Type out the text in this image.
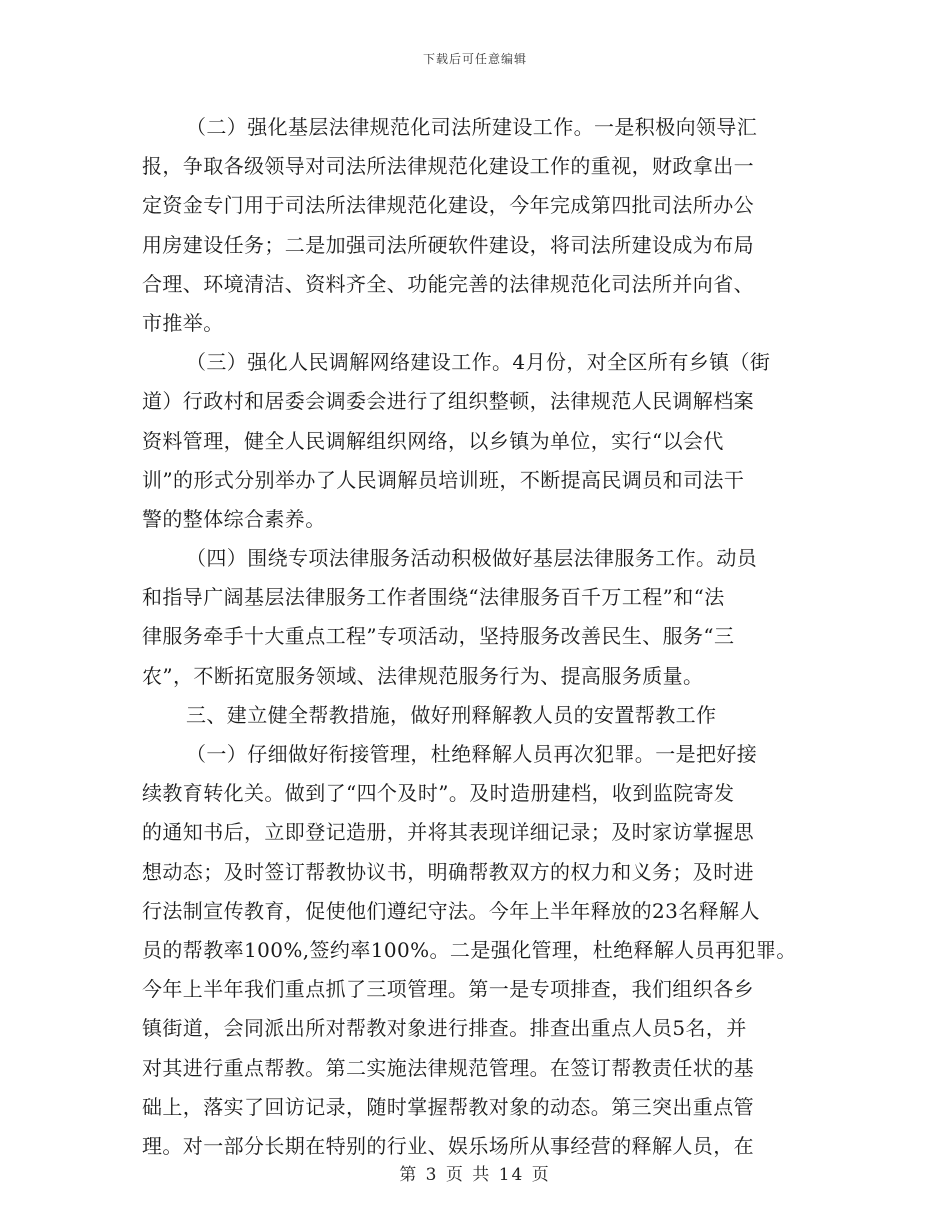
下载后可任意编辑
（二）强化基层法律规范化司法所建设工作。一是积极向领导汇
报，争取各级领导对司法所法律规范化建设工作的重视，财政拿出一
定资金专门用于司法所法律规范化建设，今年完成第四批司法所办公
用房建设任务；二是加强司法所硬软件建设，将司法所建设成为布局
合理、环境清洁、资料齐全、功能完善的法律规范化司法所并向省、
市推举。
（三）强化人民调解网络建设工作。4月份，对全区所有乡镇（街
道）行政村和居委会调委会进行了组织整顿，法律规范人民调解档案
资料管理，健全人民调解组织网络，以乡镇为单位，实行“以会代
训”的形式分别举办了人民调解员培训班，不断提高民调员和司法干
警的整体综合素养。
（四）围绕专项法律服务活动积极做好基层法律服务工作。动员
和指导广阔基层法律服务工作者围绕“法律服务百千万工程”和“法
律服务牵手十大重点工程”专项活动，坚持服务改善民生、服务“三
农”，不断拓宽服务领域、法律规范服务行为、提高服务质量。
三、建立健全帮教措施，做好刑释解教人员的安置帮教工作
（一）仔细做好衔接管理，杜绝释解人员再次犯罪。一是把好接
续教育转化关。做到了“四个及时”。及时造册建档，收到监院寄发
的通知书后，立即登记造册，并将其表现详细记录；及时家访掌握思
想动态；及时签订帮教协议书，明确帮教双方的权力和义务；及时进
行法制宣传教育，促使他们遵纪守法。今年上半年释放的23名释解人
员的帮教率100%,签约率100%。二是强化管理，杜绝释解人员再犯罪。
今年上半年我们重点抓了三项管理。第一是专项排查，我们组织各乡
镇街道，会同派出所对帮教对象进行排查。排查出重点人员5名，并
对其进行重点帮教。第二实施法律规范管理。在签订帮教责任状的基
础上，落实了回访记录，随时掌握帮教对象的动态。第三突出重点管
理。对一部分长期在特别的行业、娱乐场所从事经营的释解人员，在
第 3 页 共 14 页
